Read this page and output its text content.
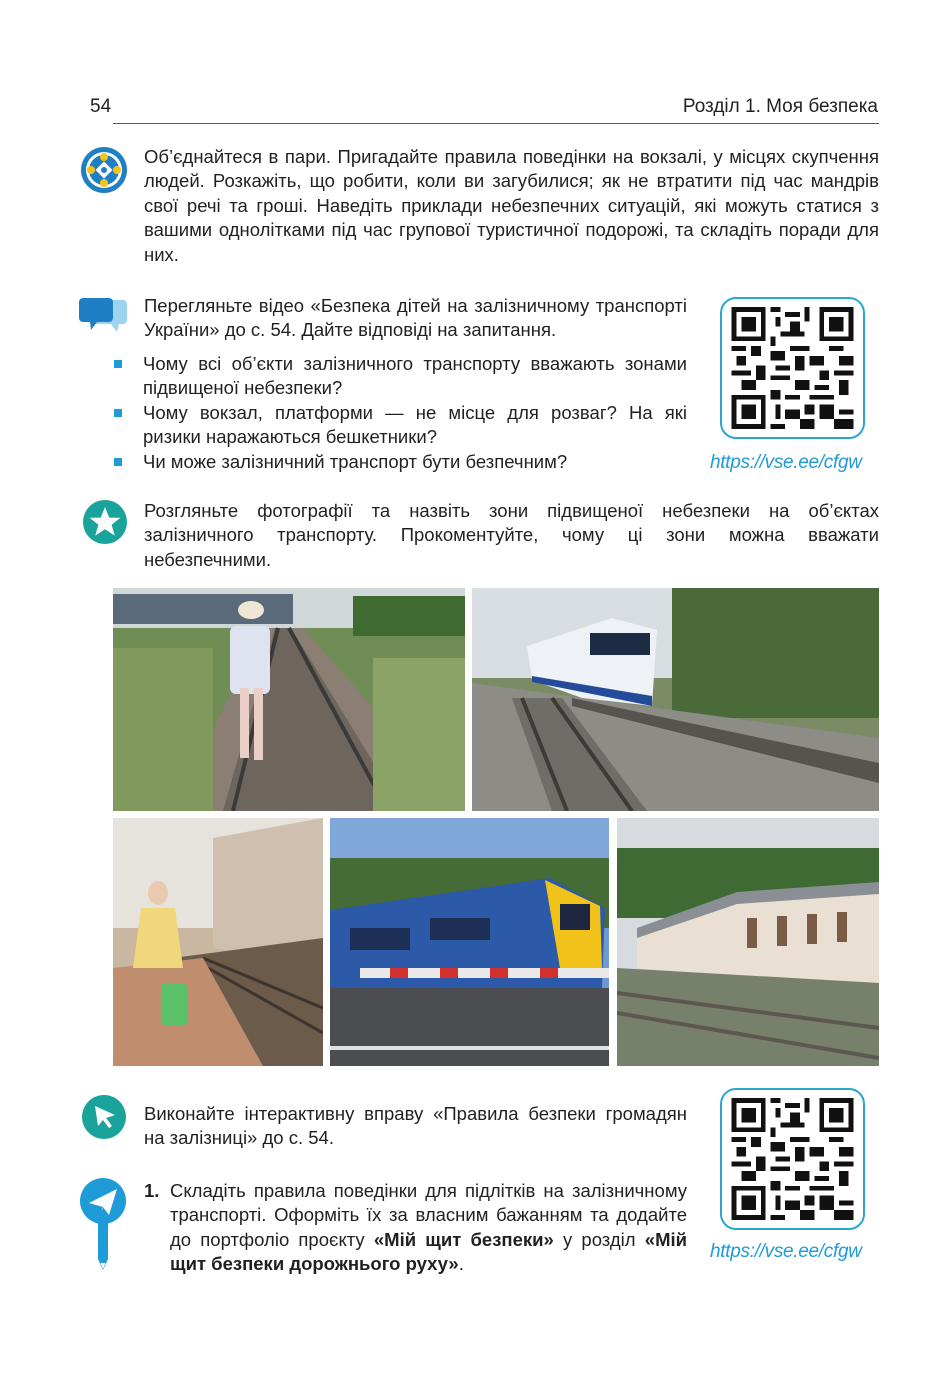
54	Розділ 1. Моя безпека
Об’єднайтеся в пари. Пригадайте правила поведінки на вокзалі, у місцях скупчення людей. Розкажіть, що робити, коли ви загубилися; як не втратити під час мандрів свої речі та гроші. Наведіть приклади небезпечних ситуацій, які можуть статися з вашими однолітками під час групової туристичної подорожі, та складіть поради для них.
Перегляньте відео «Безпека дітей на залізничному транспорті України» до с. 54. Дайте відповіді на запитання.
Чому всі об’єкти залізничного транспорту вважають зонами підвищеної небезпеки?
Чому вокзал, платформи — не місце для розваг? На які ризики наражаються бешкетники?
Чи може залізничний транспорт бути безпечним?	https://vse.ee/cfgw
Розгляньте фотографії та назвіть зони підвищеної небезпеки на об’єктах залізничного транспорту. Прокоментуйте, чому ці зони можна вважати небезпечними.
Виконайте інтерактивну вправу «Правила безпеки громадян на залізниці» до с. 54.
https://vse.ee/cfgw
1. Складіть правила поведінки для підлітків на залізничному транспорті. Оформіть їх за власним бажанням та додайте до портфоліо проєкту «Мій щит безпеки» у розділ «Мій щит безпеки дорожнього руху».
